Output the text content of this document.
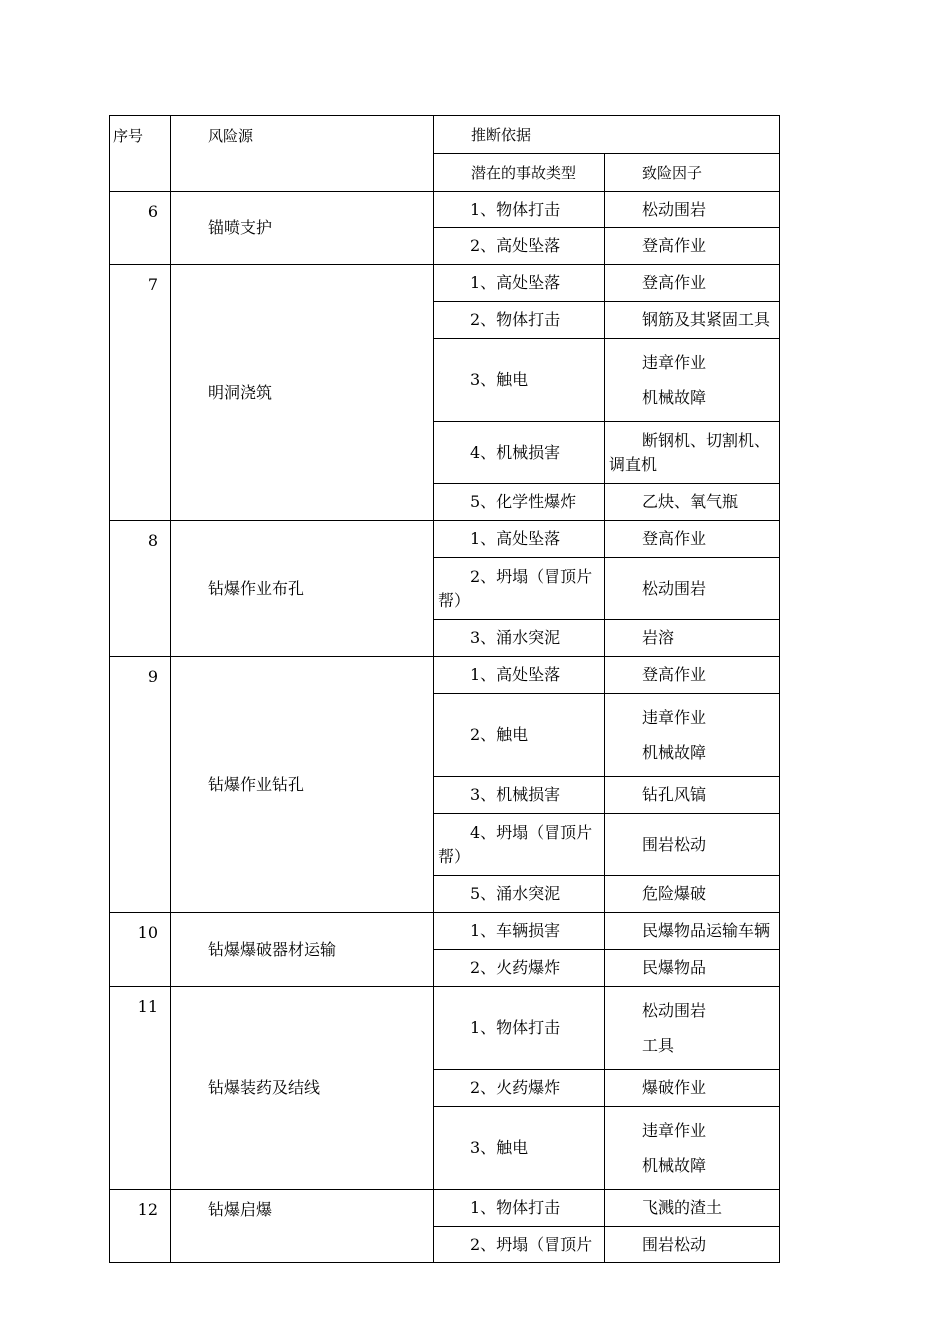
序号	风险源	推断依据	
		潜在的事故类型	致险因子
6	锚喷支护	1、物体打击	松动围岩
		2、高处坠落	登高作业
7	明洞浇筑	1、高处坠落	登高作业
		2、物体打击	钢筋及其紧固工具
		3、触电	违章作业
机械故障

		4、机械损害	断钢机、切割机、调直机
		5、化学性爆炸	乙炔、氧气瓶
8	钻爆作业布孔	1、高处坠落	登高作业
		2、坍塌（冒顶片帮）	松动围岩
		3、涌水突泥	岩溶
9	钻爆作业钻孔	1、高处坠落	登高作业
		2、触电	违章作业
机械故障

		3、机械损害	钻孔风镐
		4、坍塌（冒顶片帮）	围岩松动
		5、涌水突泥	危险爆破
10	钻爆爆破器材运输	1、车辆损害	民爆物品运输车辆
		2、火药爆炸	民爆物品
11	钻爆装药及结线	1、物体打击	松动围岩
工具

		2、火药爆炸	爆破作业
		3、触电	违章作业
机械故障

12	钻爆启爆	1、物体打击	飞溅的渣土
		2、坍塌（冒顶片	围岩松动
